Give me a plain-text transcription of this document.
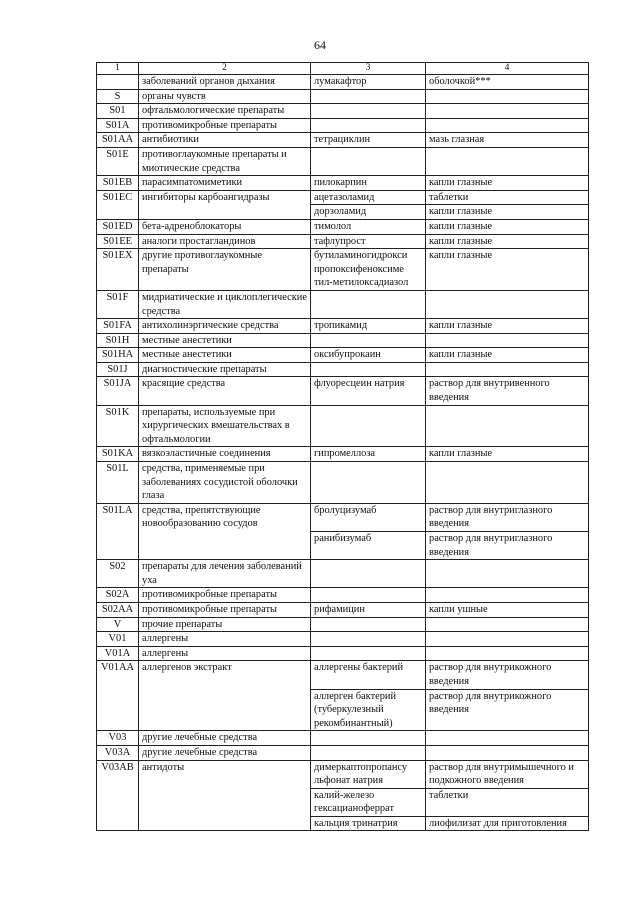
64
1	2	3	4
	заболеваний органов дыхания	лумакафтор	оболочкой***
S	органы чувств		
S01	офтальмологические препараты		
S01A	противомикробные препараты		
S01AA	антибиотики	тетрациклин	мазь глазная
S01E	противоглаукомные препараты и миотические средства		
S01EB	парасимпатомиметики	пилокарпин	капли глазные
S01EC	ингибиторы карбоангидразы	ацетазоламид	таблетки
		дорзоламид	капли глазные
S01ED	бета-адреноблокаторы	тимолол	капли глазные
S01EE	аналоги простагландинов	тафлупрост	капли глазные
S01EX	другие противоглаукомные препараты	бутиламиногидрокси пропоксифеноксиме тил-метилоксадиазол	капли глазные
S01F	мидриатические и циклоплегические средства		
S01FA	антихолинэргические средства	тропикамид	капли глазные
S01H	местные анестетики		
S01HA	местные анестетики	оксибупрокаин	капли глазные
S01J	диагностические препараты		
S01JA	красящие средства	флуоресцеин натрия	раствор для внутривенного введения
S01K	препараты, используемые при хирургических вмешательствах в офтальмологии		
S01KA	вязкоэластичные соединения	гипромеллоза	капли глазные
S01L	средства, применяемые при заболеваниях сосудистой оболочки глаза		
S01LA	средства, препятствующие новообразованию сосудов	бролуцизумаб	раствор для внутриглазного введения
		ранибизумаб	раствор для внутриглазного введения
S02	препараты для лечения заболеваний уха		
S02A	противомикробные препараты		
S02AA	противомикробные препараты	рифамицин	капли ушные
V	прочие препараты		
V01	аллергены		
V01A	аллергены		
V01AA	аллергенов экстракт	аллергены бактерий	раствор для внутрикожного введения
		аллерген бактерий (туберкулезный рекомбинантный)	раствор для внутрикожного введения
V03	другие лечебные средства		
V03A	другие лечебные средства		
V03AB	антидоты	димеркаптопропансу льфонат натрия	раствор для внутримышечного и подкожного введения
		калий-железо гексацианоферрат	таблетки
		кальция тринатрия	лиофилизат для приготовления
